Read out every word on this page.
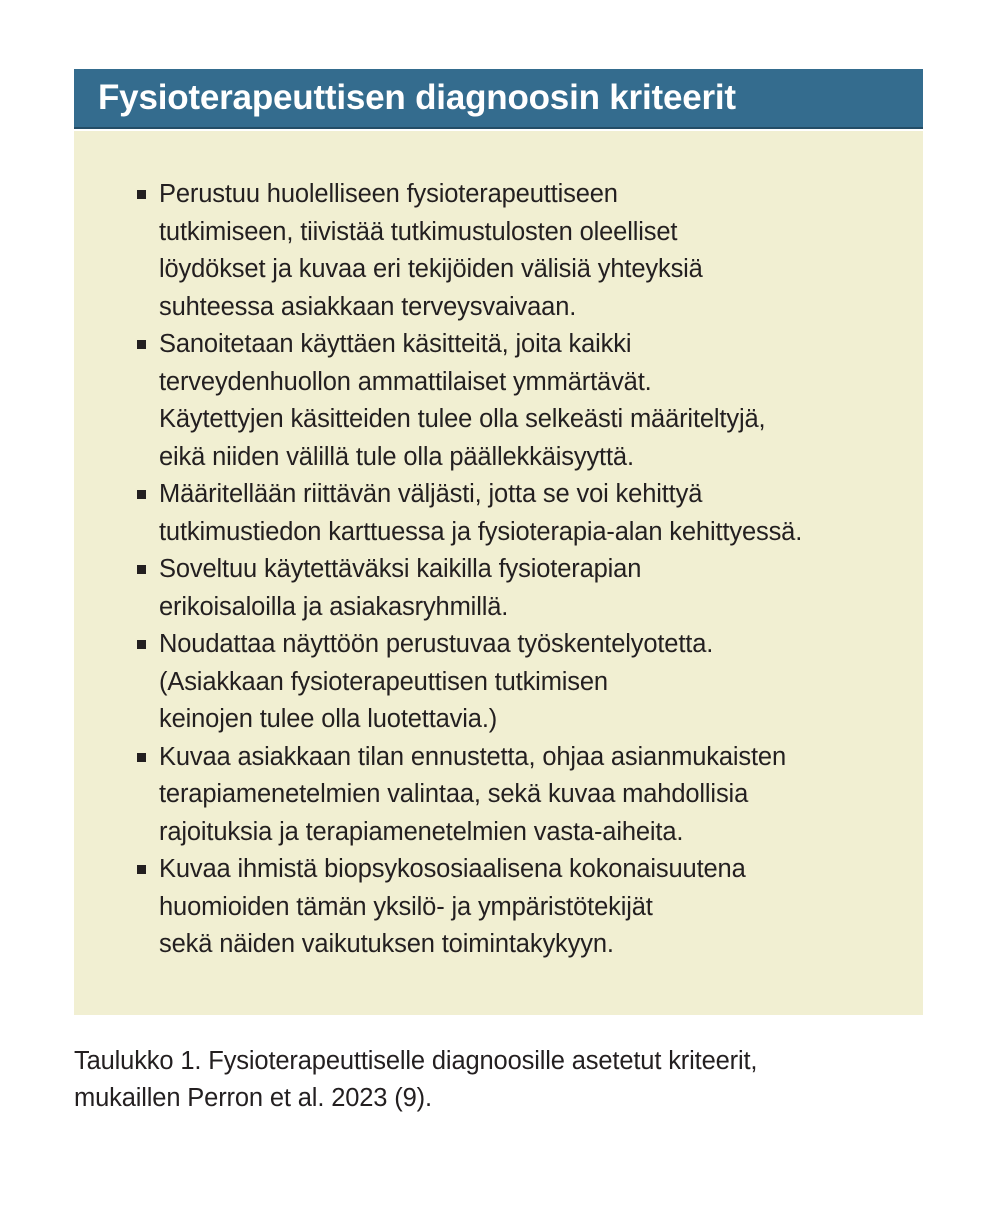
Fysioterapeuttisen diagnoosin kriteerit
Perustuu huolelliseen fysioterapeuttiseen
tutkimiseen, tiivistää tutkimustulosten oleelliset
löydökset ja kuvaa eri tekijöiden välisiä yhteyksiä
suhteessa asiakkaan terveysvaivaan.
Sanoitetaan käyttäen käsitteitä, joita kaikki
terveydenhuollon ammattilaiset ymmärtävät.
Käytettyjen käsitteiden tulee olla selkeästi määriteltyjä,
eikä niiden välillä tule olla päällekkäisyyttä.
Määritellään riittävän väljästi, jotta se voi kehittyä
tutkimustiedon karttuessa ja fysioterapia-alan kehittyessä.
Soveltuu käytettäväksi kaikilla fysioterapian
erikoisaloilla ja asiakasryhmillä.
Noudattaa näyttöön perustuvaa työskentelyotetta.
(Asiakkaan fysioterapeuttisen tutkimisen
keinojen tulee olla luotettavia.)
Kuvaa asiakkaan tilan ennustetta, ohjaa asianmukaisten
terapiamenetelmien valintaa, sekä kuvaa mahdollisia
rajoituksia ja terapiamenetelmien vasta-aiheita.
Kuvaa ihmistä biopsykososiaalisena kokonaisuutena
huomioiden tämän yksilö- ja ympäristötekijät
sekä näiden vaikutuksen toimintakykyyn.

Taulukko 1. Fysioterapeuttiselle diagnoosille asetetut kriteerit,
mukaillen Perron et al. 2023 (9).
